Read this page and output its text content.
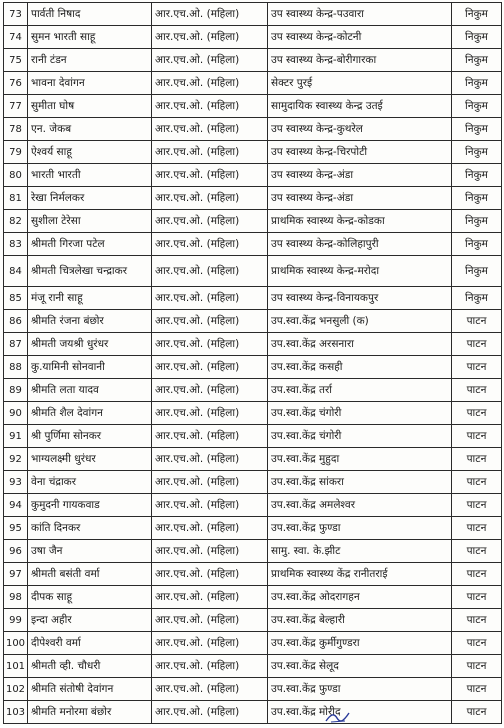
73	पार्वती निषाद	आर.एच.ओ. (महिला)	उप स्वास्थ्य केन्द्र-पउवारा	निकुम
74	सुमन भारती साहू	आर.एच.ओ. (महिला)	उप स्वास्थ्य केन्द्र-कोटनी	निकुम
75	रानी टंडन	आर.एच.ओ. (महिला)	उप स्वास्थ्य केन्द्र-बोरीगारका	निकुम
76	भावना देवांगन	आर.एच.ओ. (महिला)	सेक्टर पुरई	निकुम
77	सुमीता घोष	आर.एच.ओ. (महिला)	सामुदायिक स्वास्थ्य केन्द्र उतई	निकुम
78	एन. जेकब	आर.एच.ओ. (महिला)	उप स्वास्थ्य केन्द्र-कुथरेल	निकुम
79	ऐश्वर्य साहू	आर.एच.ओ. (महिला)	उप स्वास्थ्य केन्द्र-चिरपोटी	निकुम
80	भारती भारती	आर.एच.ओ. (महिला)	उप स्वास्थ्य केन्द्र-अंडा	निकुम
81	रेखा निर्मलकर	आर.एच.ओ. (महिला)	उप स्वास्थ्य केन्द्र-अंडा	निकुम
82	सुशीला टेरेसा	आर.एच.ओ. (महिला)	प्राथमिक स्वास्थ्य केन्द्र-कोडका	निकुम
83	श्रीमती गिरजा पटेल	आर.एच.ओ. (महिला)	उप स्वास्थ्य केन्द्र-कोलिहापुरी	निकुम
84	श्रीमती चित्रलेखा चन्द्राकर	आर.एच.ओ. (महिला)	प्राथमिक स्वास्थ्य केन्द्र-मरोदा	निकुम
85	मंजू रानी साहू	आर.एच.ओ. (महिला)	उप स्वास्थ्य केन्द्र-विनायकपुर	निकुम
86	श्रीमति रंजना बंछोर	आर.एच.ओ. (महिला)	उप.स्वा.केंद्र भनसुली (क)	पाटन
87	श्रीमती जयश्री धुरंधर	आर.एच.ओ. (महिला)	उप.स्वा.केंद्र अरसनारा	पाटन
88	कु.यामिनी सोनवानी	आर.एच.ओ. (महिला)	उप.स्वा.केंद्र कसही	पाटन
89	श्रीमति लता यादव	आर.एच.ओ. (महिला)	उप.स्वा.केंद्र तर्रा	पाटन
90	श्रीमति शैल देवांगन	आर.एच.ओ. (महिला)	उप.स्वा.केंद्र चंगोरी	पाटन
91	श्री पुर्णिमा सोनकर	आर.एच.ओ. (महिला)	उप.स्वा.केंद्र चंगोरी	पाटन
92	भाग्यलक्ष्मी धुरंधर	आर.एच.ओ. (महिला)	उप.स्वा.केंद्र मुहुदा	पाटन
93	वेना चंद्राकर	आर.एच.ओ. (महिला)	उप.स्वा.केंद्र सांकरा	पाटन
94	कुमुदनी गायकवाड	आर.एच.ओ. (महिला)	उप.स्वा.केंद्र अमलेश्वर	पाटन
95	कांति दिनकर	आर.एच.ओ. (महिला)	उप.स्वा.केंद्र फुण्डा	पाटन
96	उषा जैन	आर.एच.ओ. (महिला)	सामु. स्वा. के.झीट	पाटन
97	श्रीमती बसंती वर्मा	आर.एच.ओ. (महिला)	प्राथमिक स्वास्थ्य केंद्र रानीतराई	पाटन
98	दीपक साहू	आर.एच.ओ. (महिला)	उप.स्वा.केंद्र ओदरागहन	पाटन
99	इन्दा अहीर	आर.एच.ओ. (महिला)	उप.स्वा.केंद्र बेल्हारी	पाटन
100	दीपेश्वरी वर्मा	आर.एच.ओ. (महिला)	उप.स्वा.केंद्र कुर्मीगुण्डरा	पाटन
101	श्रीमती व्ही. चौधरी	आर.एच.ओ. (महिला)	उप.स्वा.केंद्र सेलूद	पाटन
102	श्रीमति संतोषी देवांगन	आर.एच.ओ. (महिला)	उप.स्वा.केंद्र फुण्डा	पाटन
103	श्रीमति मनोरमा बंछोर	आर.एच.ओ. (महिला)	उप.स्वा.केंद्र मोरीद	पाटन
